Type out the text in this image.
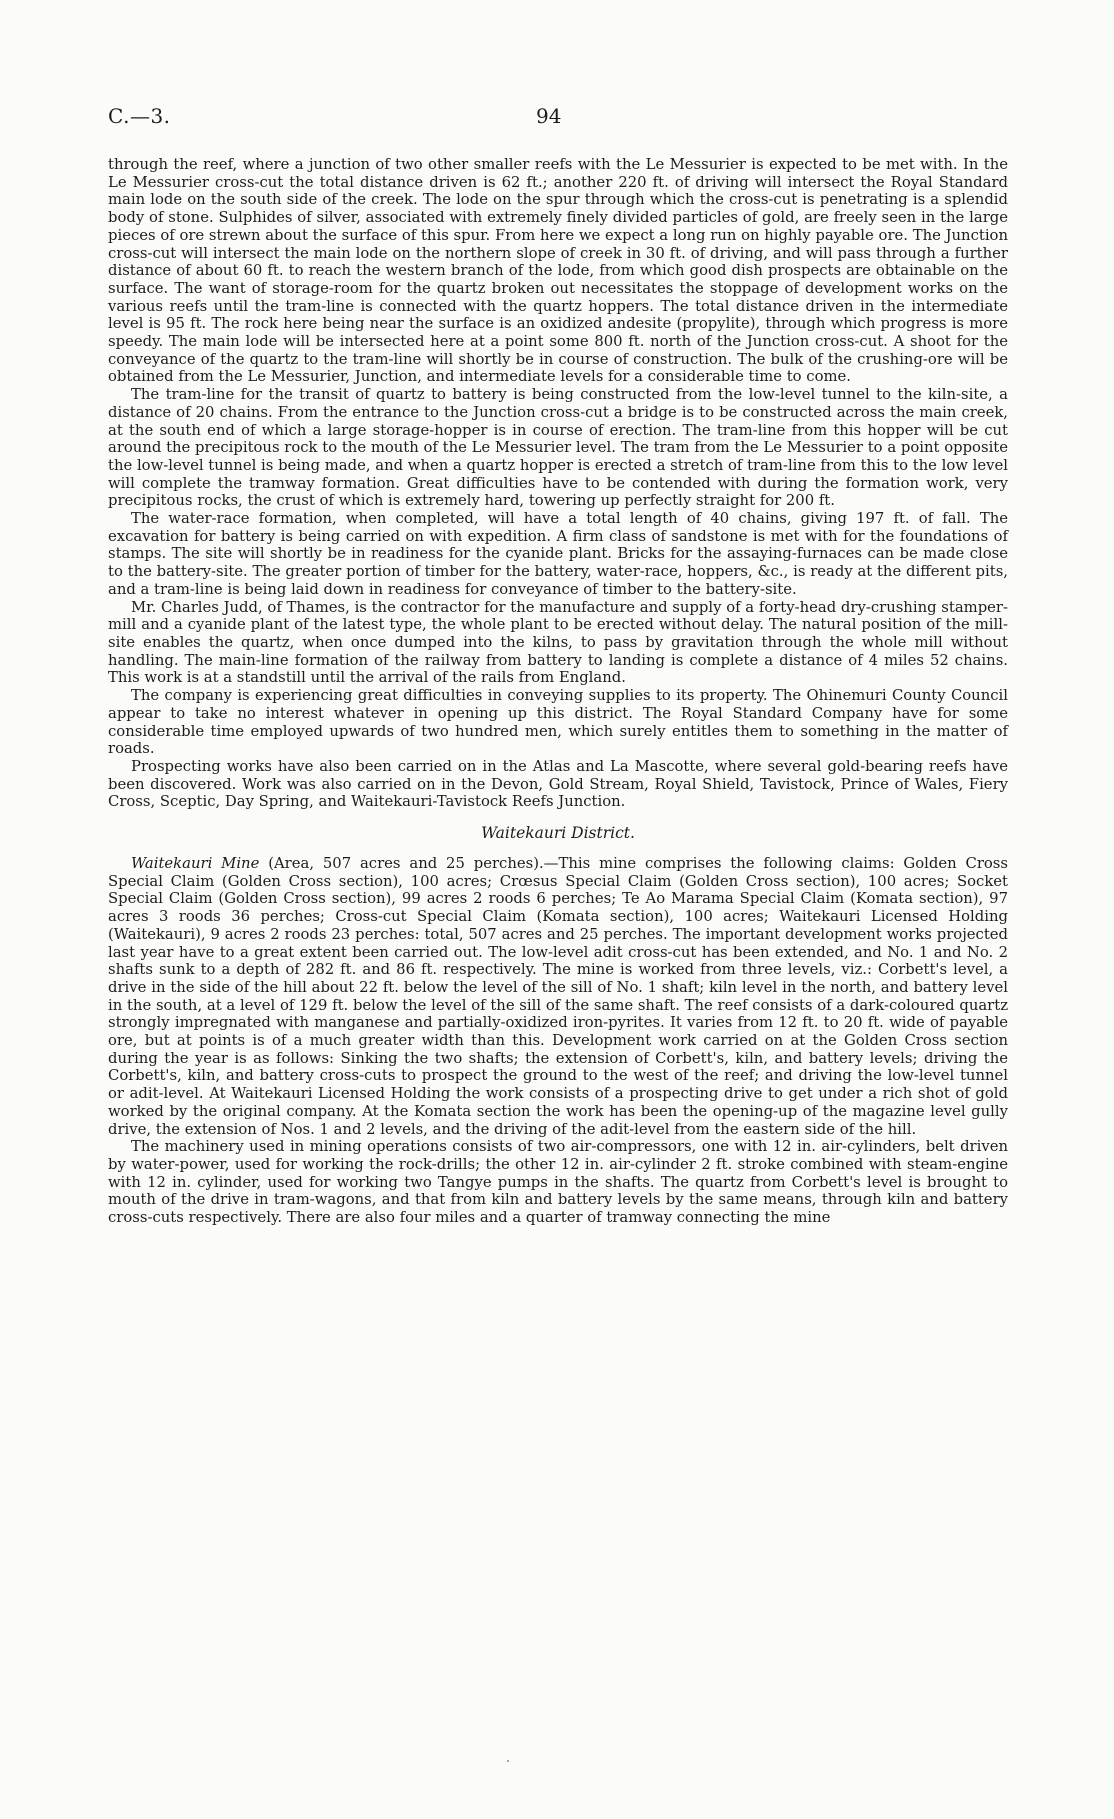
C.—3.	94

through the reef, where a junction of two other smaller reefs with the Le Messurier is expected to be met with. In the Le Messurier cross-cut the total distance driven is 62 ft.; another 220 ft. of driving will intersect the Royal Standard main lode on the south side of the creek. The lode on the spur through which the cross-cut is penetrating is a splendid body of stone. Sulphides of silver, associated with extremely finely divided particles of gold, are freely seen in the large pieces of ore strewn about the surface of this spur. From here we expect a long run on highly payable ore. The Junction cross-cut will intersect the main lode on the northern slope of creek in 30 ft. of driving, and will pass through a further distance of about 60 ft. to reach the western branch of the lode, from which good dish prospects are obtainable on the surface. The want of storage-room for the quartz broken out necessitates the stoppage of development works on the various reefs until the tram-line is connected with the quartz hoppers. The total distance driven in the intermediate level is 95 ft. The rock here being near the surface is an oxidized andesite (propylite), through which progress is more speedy. The main lode will be intersected here at a point some 800 ft. north of the Junction cross-cut. A shoot for the conveyance of the quartz to the tram-line will shortly be in course of construction. The bulk of the crushing-ore will be obtained from the Le Messurier, Junction, and intermediate levels for a considerable time to come.

The tram-line for the transit of quartz to battery is being constructed from the low-level tunnel to the kiln-site, a distance of 20 chains. From the entrance to the Junction cross-cut a bridge is to be constructed across the main creek, at the south end of which a large storage-hopper is in course of erection. The tram-line from this hopper will be cut around the precipitous rock to the mouth of the Le Messurier level. The tram from the Le Messurier to a point opposite the low-level tunnel is being made, and when a quartz hopper is erected a stretch of tram-line from this to the low level will complete the tramway formation. Great difficulties have to be contended with during the formation work, very precipitous rocks, the crust of which is extremely hard, towering up perfectly straight for 200 ft.

The water-race formation, when completed, will have a total length of 40 chains, giving 197 ft. of fall. The excavation for battery is being carried on with expedition. A firm class of sandstone is met with for the foundations of stamps. The site will shortly be in readiness for the cyanide plant. Bricks for the assaying-furnaces can be made close to the battery-site. The greater portion of timber for the battery, water-race, hoppers, &c., is ready at the different pits, and a tram-line is being laid down in readiness for conveyance of timber to the battery-site.

Mr. Charles Judd, of Thames, is the contractor for the manufacture and supply of a forty-head dry-crushing stamper-mill and a cyanide plant of the latest type, the whole plant to be erected without delay. The natural position of the mill-site enables the quartz, when once dumped into the kilns, to pass by gravitation through the whole mill without handling. The main-line formation of the railway from battery to landing is complete a distance of 4 miles 52 chains. This work is at a standstill until the arrival of the rails from England.

The company is experiencing great difficulties in conveying supplies to its property. The Ohinemuri County Council appear to take no interest whatever in opening up this district. The Royal Standard Company have for some considerable time employed upwards of two hundred men, which surely entitles them to something in the matter of roads.

Prospecting works have also been carried on in the Atlas and La Mascotte, where several gold-bearing reefs have been discovered. Work was also carried on in the Devon, Gold Stream, Royal Shield, Tavistock, Prince of Wales, Fiery Cross, Sceptic, Day Spring, and Waitekauri-Tavistock Reefs Junction.

Waitekauri District.

Waitekauri Mine (Area, 507 acres and 25 perches).—This mine comprises the following claims: Golden Cross Special Claim (Golden Cross section), 100 acres; Crœsus Special Claim (Golden Cross section), 100 acres; Socket Special Claim (Golden Cross section), 99 acres 2 roods 6 perches; Te Ao Marama Special Claim (Komata section), 97 acres 3 roods 36 perches; Cross-cut Special Claim (Komata section), 100 acres; Waitekauri Licensed Holding (Waitekauri), 9 acres 2 roods 23 perches: total, 507 acres and 25 perches. The important development works projected last year have to a great extent been carried out. The low-level adit cross-cut has been extended, and No. 1 and No. 2 shafts sunk to a depth of 282 ft. and 86 ft. respectively. The mine is worked from three levels, viz.: Corbett's level, a drive in the side of the hill about 22 ft. below the level of the sill of No. 1 shaft; kiln level in the north, and battery level in the south, at a level of 129 ft. below the level of the sill of the same shaft. The reef consists of a dark-coloured quartz strongly impregnated with manganese and partially-oxidized iron-pyrites. It varies from 12 ft. to 20 ft. wide of payable ore, but at points is of a much greater width than this. Development work carried on at the Golden Cross section during the year is as follows: Sinking the two shafts; the extension of Corbett's, kiln, and battery levels; driving the Corbett's, kiln, and battery cross-cuts to prospect the ground to the west of the reef; and driving the low-level tunnel or adit-level. At Waitekauri Licensed Holding the work consists of a prospecting drive to get under a rich shot of gold worked by the original company. At the Komata section the work has been the opening-up of the magazine level gully drive, the extension of Nos. 1 and 2 levels, and the driving of the adit-level from the eastern side of the hill.

The machinery used in mining operations consists of two air-compressors, one with 12 in. air-cylinders, belt driven by water-power, used for working the rock-drills; the other 12 in. air-cylinder 2 ft. stroke combined with steam-engine with 12 in. cylinder, used for working two Tangye pumps in the shafts. The quartz from Corbett's level is brought to mouth of the drive in tram-wagons, and that from kiln and battery levels by the same means, through kiln and battery cross-cuts respectively. There are also four miles and a quarter of tramway connecting the mine
